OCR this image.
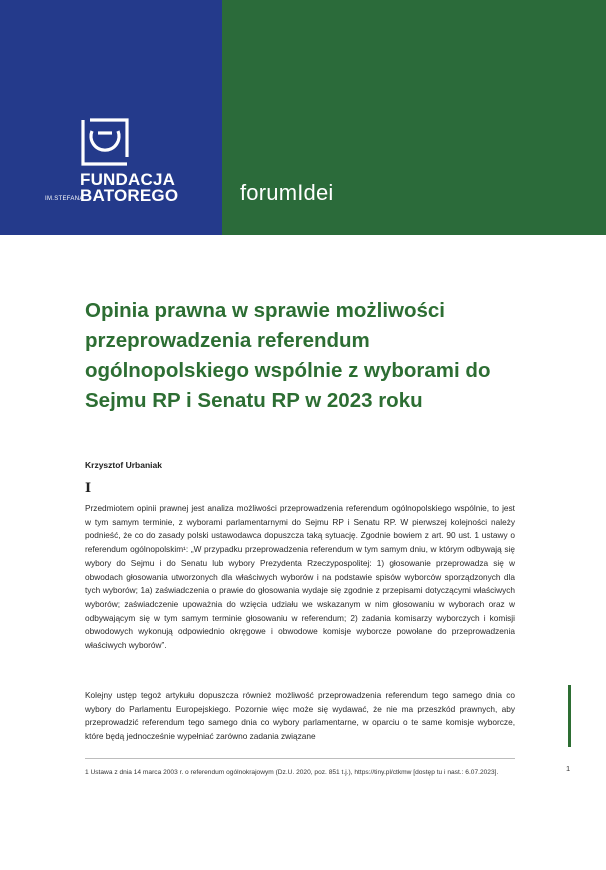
FUNDACJA
BATOREGO
IM.STEFANA	forumIdei
Opinia prawna w sprawie możliwości przeprowadzenia referendum ogólnopolskiego wspólnie z wyborami do Sejmu RP i Senatu RP w 2023 roku
Krzysztof Urbaniak
I

Przedmiotem opinii prawnej jest analiza możliwości przeprowadzenia referendum ogólnopolskiego wspólnie, to jest w tym samym terminie, z wyborami parlamentarnymi do Sejmu RP i Senatu RP. W pierwszej kolejności należy podnieść, że co do zasady polski ustawodawca dopuszcza taką sytuację. Zgodnie bowiem z art. 90 ust. 1 ustawy o referendum ogólnopolskim¹: „W przypadku przeprowadzenia referendum w tym samym dniu, w którym odbywają się wybory do Sejmu i do Senatu lub wybory Prezydenta Rzeczypospolitej: 1) głosowanie przeprowadza się w obwodach głosowania utworzonych dla właściwych wyborów i na podstawie spisów wyborców sporządzonych dla tych wyborów; 1a) zaświadczenia o prawie do głosowania wydaje się zgodnie z przepisami dotyczącymi właściwych wyborów; zaświadczenie upoważnia do wzięcia udziału we wskazanym w nim głosowaniu w wyborach oraz w odbywającym się w tym samym terminie głosowaniu w referendum; 2) zadania komisarzy wyborczych i komisji obwodowych wykonują odpowiednio okręgowe i obwodowe komisje wyborcze powołane do przeprowadzenia właściwych wyborów”.

Kolejny ustęp tegoż artykułu dopuszcza również możliwość przeprowadzenia referendum tego samego dnia co wybory do Parlamentu Europejskiego. Pozornie więc może się wydawać, że nie ma przeszkód prawnych, aby przeprowadzić referendum tego samego dnia co wybory parlamentarne, w oparciu o te same komisje wyborcze, które będą jednocześnie wypełniać zarówno zadania związane

1 Ustawa z dnia 14 marca 2003 r. o referendum ogólnokrajowym (Dz.U. 2020, poz. 851 t.j.), https://tiny.pl/ctkmw [dostęp tu i nast.: 6.07.2023].	1
